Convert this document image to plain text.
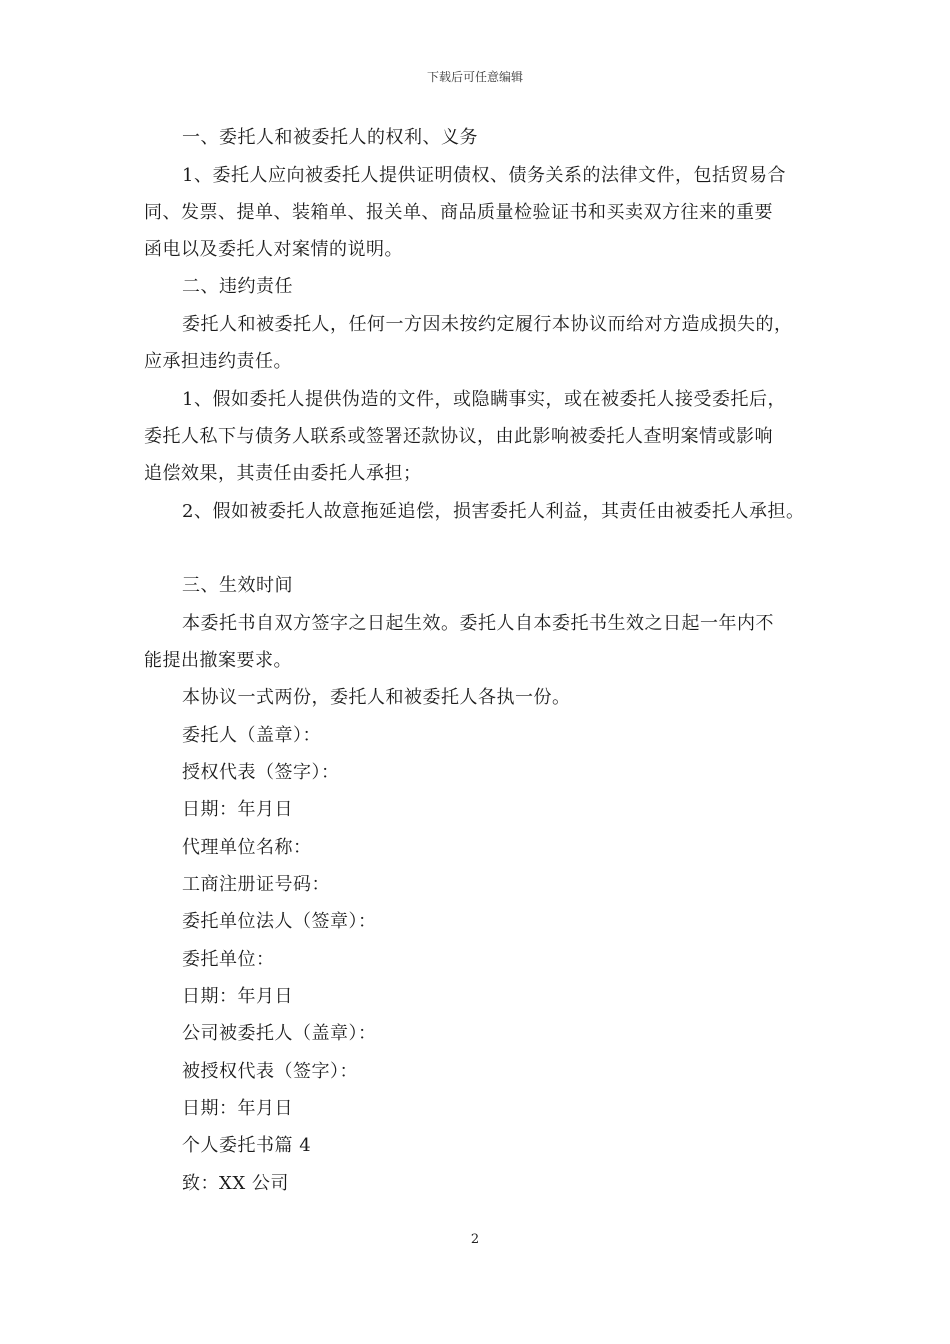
下载后可任意编辑
一、委托人和被委托人的权利、义务
1、委托人应向被委托人提供证明债权、债务关系的法律文件，包括贸易合
同、发票、提单、装箱单、报关单、商品质量检验证书和买卖双方往来的重要
函电以及委托人对案情的说明。
二、违约责任
委托人和被委托人，任何一方因未按约定履行本协议而给对方造成损失的，
应承担违约责任。
1、假如委托人提供伪造的文件，或隐瞒事实，或在被委托人接受委托后，
委托人私下与债务人联系或签署还款协议，由此影响被委托人查明案情或影响
追偿效果，其责任由委托人承担；
2、假如被委托人故意拖延追偿，损害委托人利益，其责任由被委托人承担。
三、生效时间
本委托书自双方签字之日起生效。委托人自本委托书生效之日起一年内不
能提出撤案要求。
本协议一式两份，委托人和被委托人各执一份。
委托人（盖章）：
授权代表（签字）：
日期：年月日
代理单位名称：
工商注册证号码：
委托单位法人（签章）：
委托单位：
日期：年月日
公司被委托人（盖章）：
被授权代表（签字）：
日期：年月日
个人委托书篇 4
致：XX 公司
2
